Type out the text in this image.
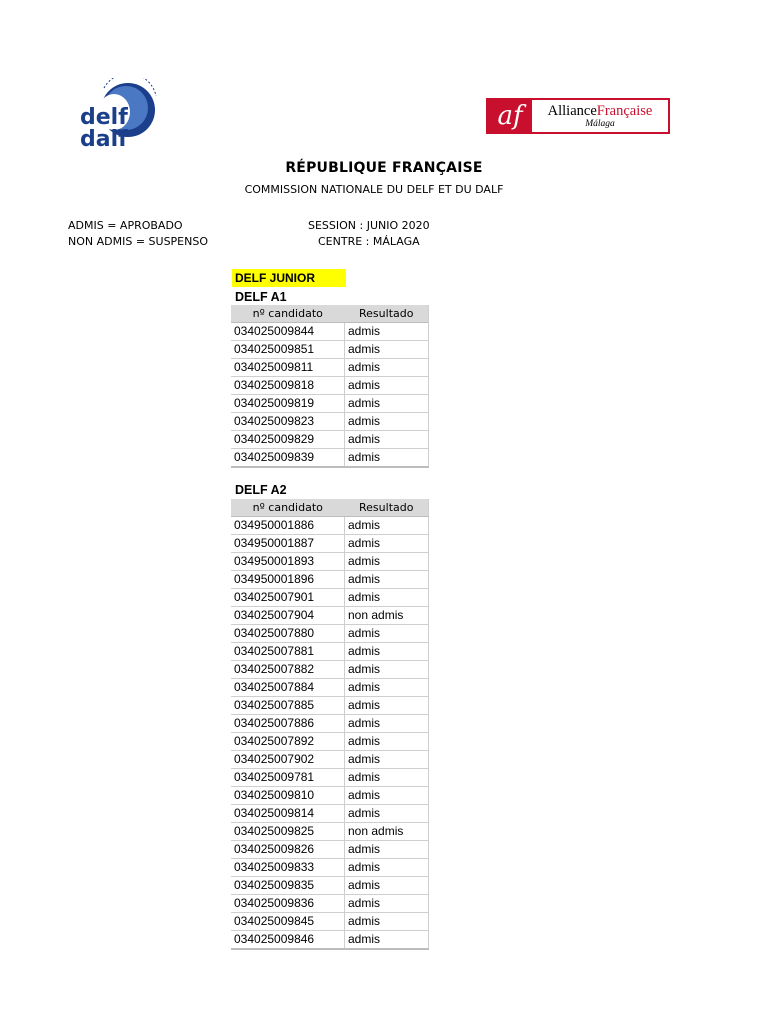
delf
dalf
af	AllianceFrançaise
Málaga
RÉPUBLIQUE FRANÇAISE
COMMISSION NATIONALE DU DELF ET DU DALF
ADMIS = APROBADO
NON ADMIS = SUSPENSO
SESSION : JUNIO 2020
CENTRE : MÁLAGA
DELF JUNIOR
DELF A1
nº candidato	Resultado
034025009844	admis
034025009851	admis
034025009811	admis
034025009818	admis
034025009819	admis
034025009823	admis
034025009829	admis
034025009839	admis
DELF A2
nº candidato	Resultado
034950001886	admis
034950001887	admis
034950001893	admis
034950001896	admis
034025007901	admis
034025007904	non admis
034025007880	admis
034025007881	admis
034025007882	admis
034025007884	admis
034025007885	admis
034025007886	admis
034025007892	admis
034025007902	admis
034025009781	admis
034025009810	admis
034025009814	admis
034025009825	non admis
034025009826	admis
034025009833	admis
034025009835	admis
034025009836	admis
034025009845	admis
034025009846	admis
